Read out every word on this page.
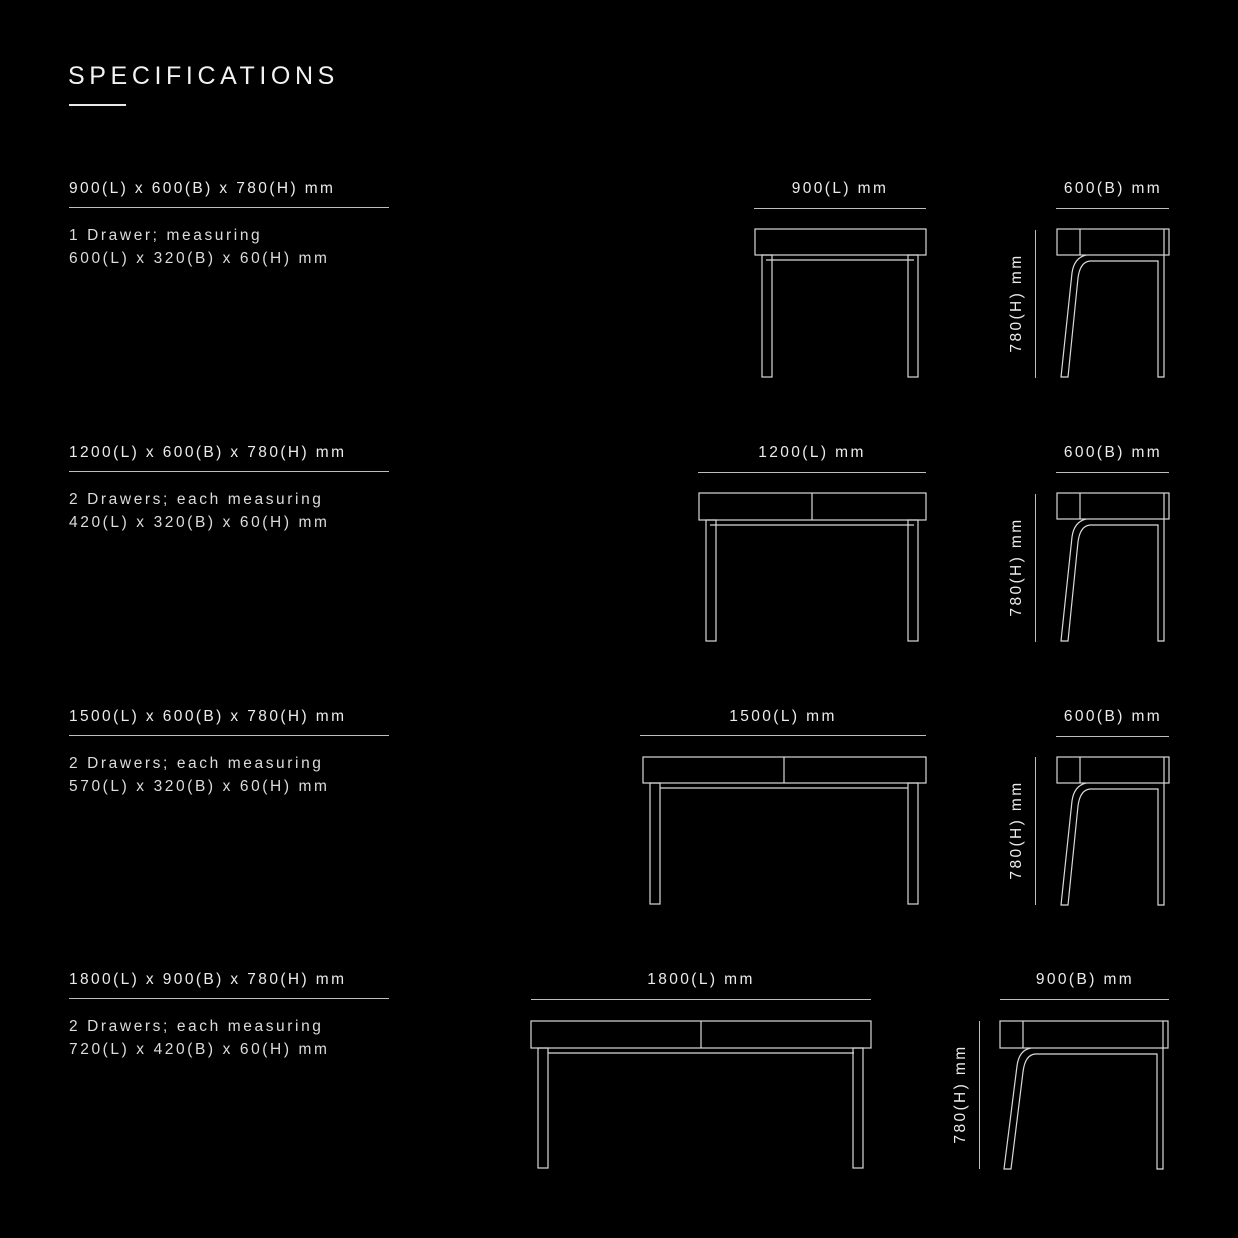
SPECIFICATIONS
900(L) x 600(B) x 780(H) mm
1 Drawer; measuring
600(L) x 320(B) x 60(H) mm
900(L) mm	600(B) mm
780(H) mm
1200(L) x 600(B) x 780(H) mm
2 Drawers; each measuring
420(L) x 320(B) x 60(H) mm
1200(L) mm	600(B) mm
780(H) mm
1500(L) x 600(B) x 780(H) mm
2 Drawers; each measuring
570(L) x 320(B) x 60(H) mm
1500(L) mm	600(B) mm
780(H) mm
1800(L) x 900(B) x 780(H) mm
2 Drawers; each measuring
720(L) x 420(B) x 60(H) mm
1800(L) mm	900(B) mm
780(H) mm
